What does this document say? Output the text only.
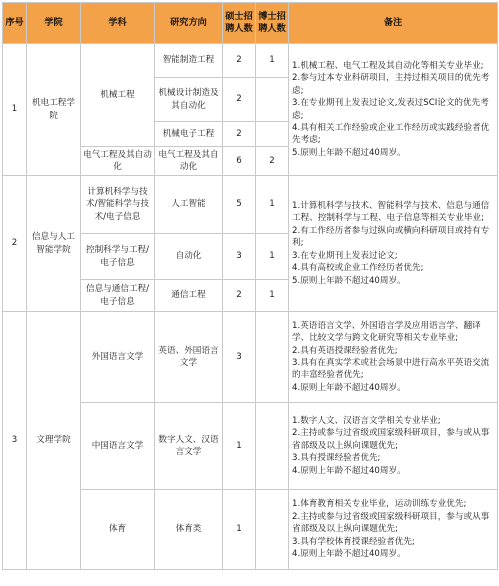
序号	学院	学科	研究方向	硕士招聘人数	博士招聘人数	备注
1	机电工程学院	机械工程	智能制造工程	2	1	1.机械工程、电气工程及其自动化等相关专业毕业;
2.参与过本专业科研项目，主持过相关项目的优先考虑;
3.在专业期刊上发表过论文,发表过SCI论文的优先考虑;
4.具有相关工作经验或企业工作经历或实践经验者优先考虑;
5.原则上年龄不超过40周岁。

			机械设计制造及其自动化	2		
			机械电子工程	2		
		电气工程及其自动化	电气工程及其自动化	6	2	
2	信息与人工智能学院	计算机科学与技术/智能科学与技术/电子信息	人工智能	5	1	1.计算机科学与技术、智能科学与技术、信息与通信工程、控制科学与工程、电子信息等相关专业毕业;
2.有工作经历者参与过纵向或横向科研项目或持有专利;
3.在专业期刊上发表过论文;
4.具有高校或企业工作经历者优先;
5.原则上年龄不超过40周岁。

		控制科学与工程/电子信息	自动化	3	1	
		信息与通信工程/电子信息	通信工程	2	1	
3	文理学院	外国语言文学	英语、外国语言文学	3		1.英语语言文学、外国语言学及应用语言学、翻译学、比较文学与跨文化研究等相关专业毕业;
2.具有英语授课经验者优先;
3.具有在真实学术或社会场景中进行高水平英语交流的丰富经验者优先;
4.原则上年龄不超过40周岁。

		中国语言文学	数字人文、汉语言文学	1		1.数字人文、汉语言文学相关专业毕业;
2.主持或参与过省级或国家级科研项目，参与或从事省部级及以上纵向课题优先;
3.具有授课经验者优先;
4.原则上年龄不超过40周岁。

		体育	体育类	1		1.体育教育相关专业毕业，运动训练专业优先;
2.主持或参与过省级或国家级科研项目，参与或从事省部级及以上纵向课题优先;
3.具有学校体育授课经验者优先;
4.原则上年龄不超过40周岁。
